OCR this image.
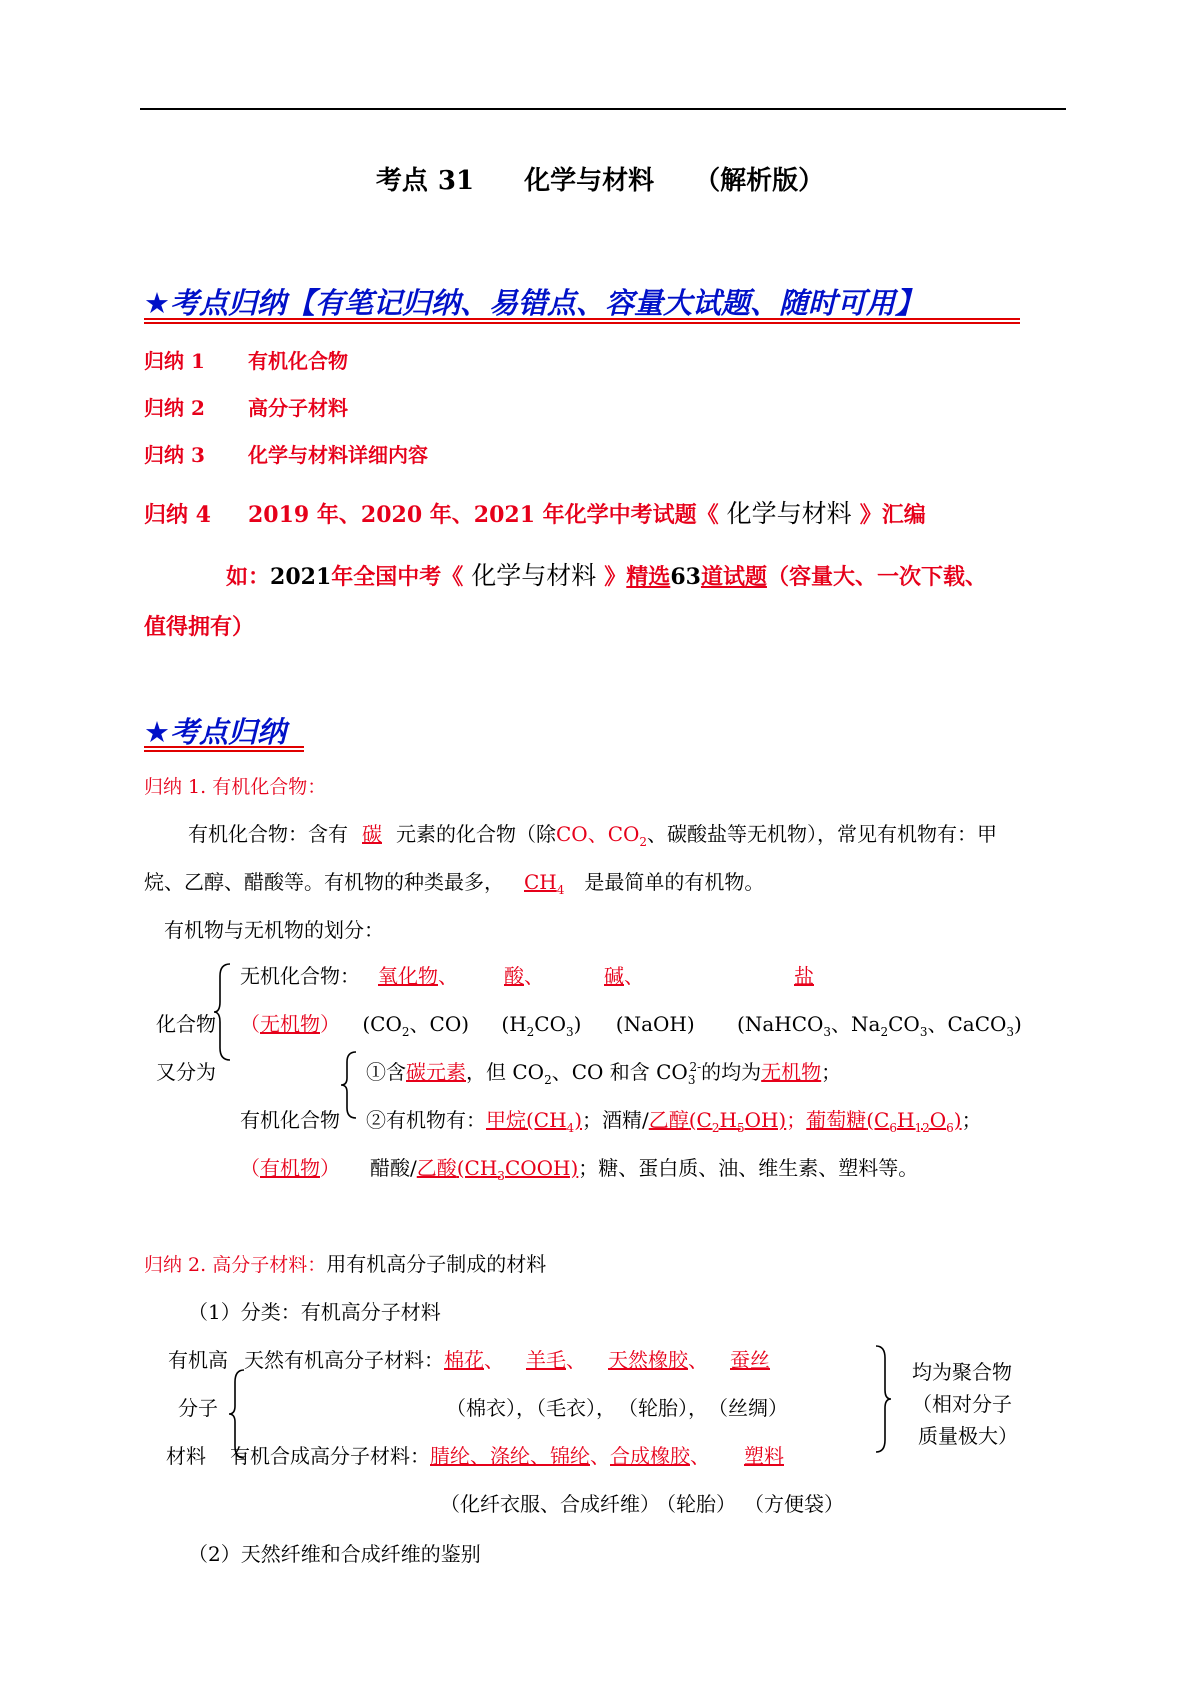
考点 31 化学与材料 （解析版）
★考点归纳【有笔记归纳、易错点、容量大试题、随时可用】
归纳 1 有机化合物
归纳 2 高分子材料
归纳 3 化学与材料详细内容
归纳 4 2019 年、2020 年、2021 年化学中考试题《 化学与材料 》汇编
如：2021年全国中考《 化学与材料 》精选63道试题（容量大、一次下载、
值得拥有）
★考点归纳
归纳 1. 有机化合物：
有机化合物：含有 碳 元素的化合物（除CO、$CO_2$、碳酸盐等无机物），常见有机物有：甲
烷、乙醇、醋酸等。有机物的种类最多， $CH_4$ 是最简单的有机物。
有机物与无机物的划分：
无机化合物： 氧化物、 酸、	碱、	盐
化合物
又分为
（无机物） ($CO_2$、CO) $(H_2CO_3)$ (NaOH) (NaHCO$_3$、$Na_2CO_3$、CaCO$_3$)
①含碳元素，但 $CO_2$、CO 和含 $CO_3^{2-}$的均为无机物；
有机化合物 ②有机物有：甲烷$(CH_4)$；酒精/乙醇$(C_2H_5OH)$；葡萄糖$(C_6H_{12}O_6)$；
（有机物） 醋酸/乙酸$(CH_3COOH)$；糖、蛋白质、油、维生素、塑料等。
归纳 2. 高分子材料：用有机高分子制成的材料
（1）分类：有机高分子材料
有机高
分子
材料
天然有机高分子材料：棉花、 羊毛、 天然橡胶、 蚕丝
（棉衣），（毛衣）， （轮胎）， （丝绸）
有机合成高分子材料：腈纶、涤纶、锦纶、合成橡胶、 塑料
（化纤衣服、合成纤维） （轮胎） （方便袋）
均为聚合物
（相对分子
质量极大）
（2）天然纤维和合成纤维的鉴别
